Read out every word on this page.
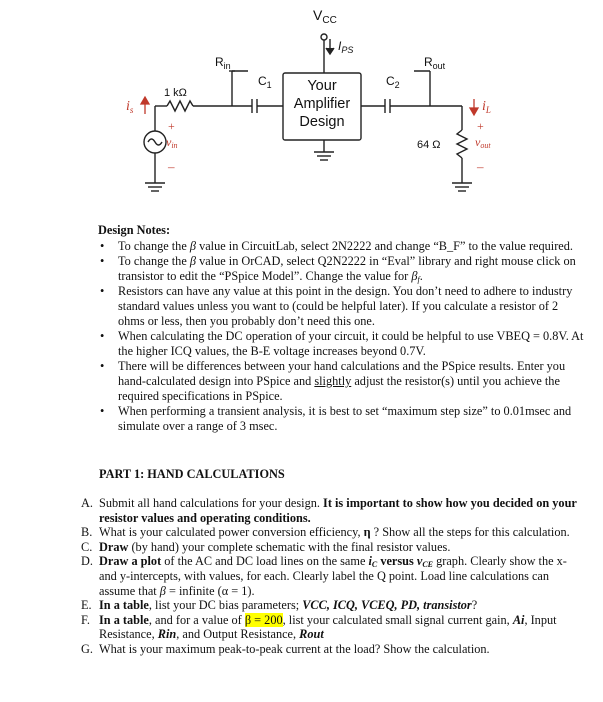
$V_{CC}$
$I_{PS}$
$R_{in}$	$R_{out}$
$C_1$	$C_2$
Your
Amplifier
Design
1 kΩ
64 Ω
$i_s$	$i_L$
+
vin
–
+
vout
–
Design Notes:
• To change the β value in CircuitLab, select 2N2222 and change “B_F” to the value required.
• To change the β value in OrCAD, select Q2N2222 in “Eval” library and right mouse click on transistor to edit the “PSpice Model”. Change the value for $\beta_f$.
• Resistors can have any value at this point in the design. You don’t need to adhere to industry standard values unless you want to (could be helpful later). If you calculate a resistor of 2 ohms or less, then you probably don’t need this one.
• When calculating the DC operation of your circuit, it could be helpful to use VBEQ = 0.8V. At the higher ICQ values, the B-E voltage increases beyond 0.7V.
• There will be differences between your hand calculations and the PSpice results. Enter you hand-calculated design into PSpice and slightly adjust the resistor(s) until you achieve the required specifications in PSpice.
• When performing a transient analysis, it is best to set “maximum step size” to 0.01msec and simulate over a range of 3 msec.
PART 1: HAND CALCULATIONS
A. Submit all hand calculations for your design. It is important to show how you decided on your resistor values and operating conditions.
B. What is your calculated power conversion efficiency, η ? Show all the steps for this calculation.
C. Draw (by hand) your complete schematic with the final resistor values.
D. Draw a plot of the AC and DC load lines on the same $i_C$ versus $v_{CE}$ graph. Clearly show the x- and y-intercepts, with values, for each. Clearly label the Q point. Load line calculations can assume that β = infinite (α = 1).
E. In a table, list your DC bias parameters; VCC, ICQ, VCEQ, PD, transistor?
F. In a table, and for a value of β = 200, list your calculated small signal current gain, Ai, Input Resistance, Rin, and Output Resistance, Rout
G. What is your maximum peak-to-peak current at the load? Show the calculation.
